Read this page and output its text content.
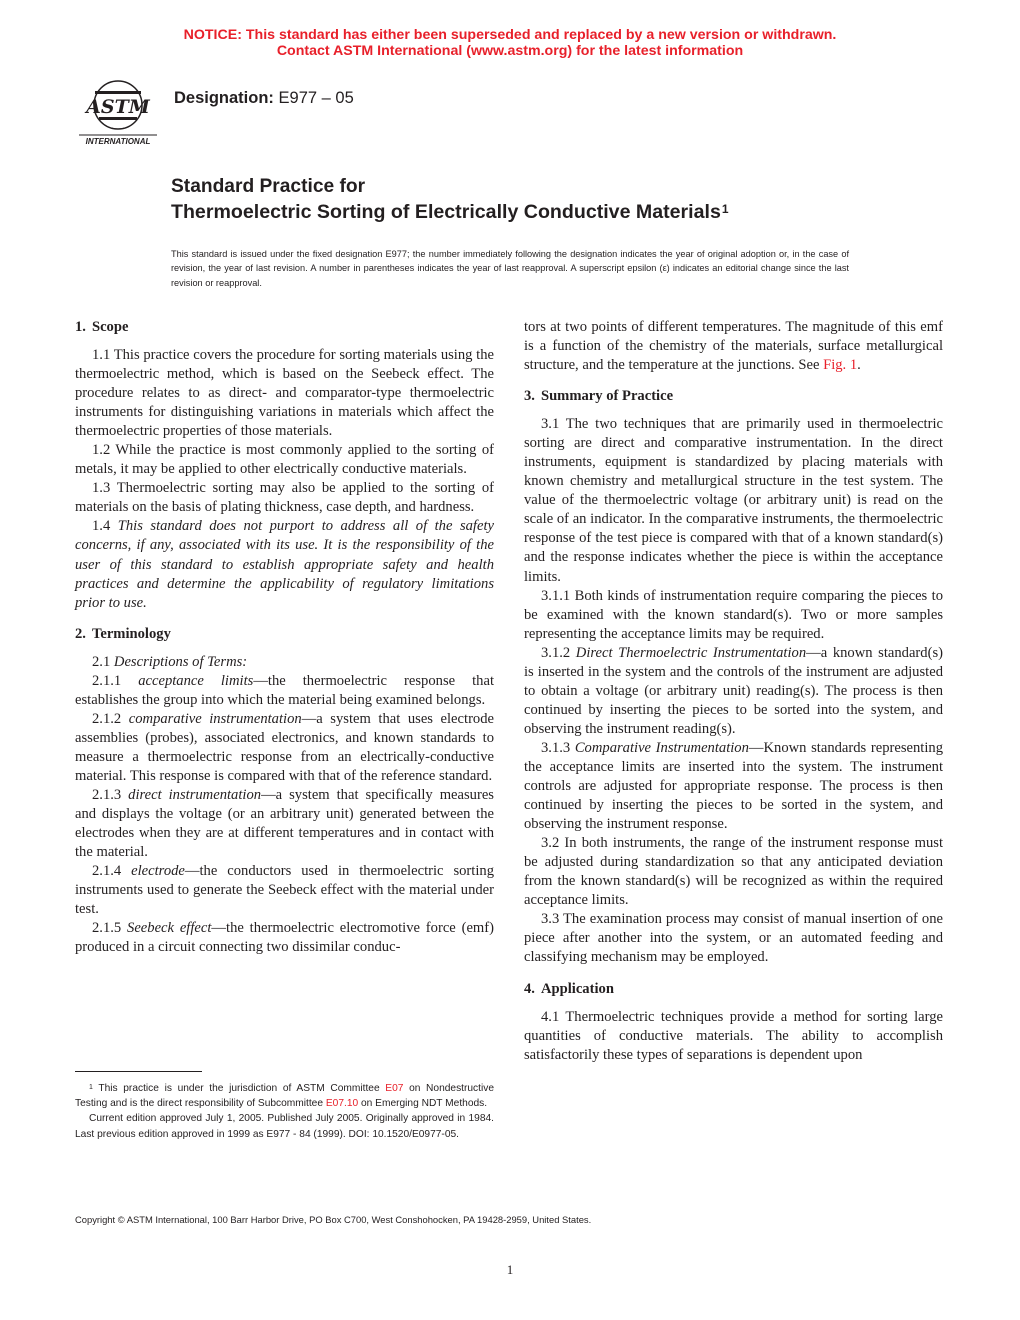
NOTICE: This standard has either been superseded and replaced by a new version or withdrawn.
Contact ASTM International (www.astm.org) for the latest information
ASTM
INTERNATIONAL
Designation: E977 – 05
Standard Practice for
Thermoelectric Sorting of Electrically Conductive Materials$^1$
This standard is issued under the fixed designation E977; the number immediately following the designation indicates the year of original adoption or, in the case of revision, the year of last revision. A number in parentheses indicates the year of last reapproval. A superscript epsilon (ε) indicates an editorial change since the last revision or reapproval.
1. Scope

1.1 This practice covers the procedure for sorting materials using the thermoelectric method, which is based on the Seebeck effect. The procedure relates to as direct- and comparator-type thermoelectric instruments for distinguishing variations in materials which affect the thermoelectric properties of those materials.

1.2 While the practice is most commonly applied to the sorting of metals, it may be applied to other electrically conductive materials.

1.3 Thermoelectric sorting may also be applied to the sorting of materials on the basis of plating thickness, case depth, and hardness.

1.4 This standard does not purport to address all of the safety concerns, if any, associated with its use. It is the responsibility of the user of this standard to establish appropriate safety and health practices and determine the applicability of regulatory limitations prior to use.

2. Terminology

2.1 Descriptions of Terms:

2.1.1 acceptance limits—the thermoelectric response that establishes the group into which the material being examined belongs.

2.1.2 comparative instrumentation—a system that uses electrode assemblies (probes), associated electronics, and known standards to measure a thermoelectric response from an electrically-conductive material. This response is compared with that of the reference standard.

2.1.3 direct instrumentation—a system that specifically measures and displays the voltage (or an arbitrary unit) generated between the electrodes when they are at different temperatures and in contact with the material.

2.1.4 electrode—the conductors used in thermoelectric sorting instruments used to generate the Seebeck effect with the material under test.

2.1.5 Seebeck effect—the thermoelectric electromotive force (emf) produced in a circuit connecting two dissimilar conduc-

$^1$ This practice is under the jurisdiction of ASTM Committee E07 on Nondestructive Testing and is the direct responsibility of Subcommittee E07.10 on Emerging NDT Methods.

Current edition approved July 1, 2005. Published July 2005. Originally approved in 1984. Last previous edition approved in 1999 as E977 - 84 (1999). DOI: 10.1520/E0977-05.

tors at two points of different temperatures. The magnitude of this emf is a function of the chemistry of the materials, surface metallurgical structure, and the temperature at the junctions. See Fig. 1.

3. Summary of Practice

3.1 The two techniques that are primarily used in thermoelectric sorting are direct and comparative instrumentation. In the direct instruments, equipment is standardized by placing materials with known chemistry and metallurgical structure in the test system. The value of the thermoelectric voltage (or arbitrary unit) is read on the scale of an indicator. In the comparative instruments, the thermoelectric response of the test piece is compared with that of a known standard(s) and the response indicates whether the piece is within the acceptance limits.

3.1.1 Both kinds of instrumentation require comparing the pieces to be examined with the known standard(s). Two or more samples representing the acceptance limits may be required.

3.1.2 Direct Thermoelectric Instrumentation—a known standard(s) is inserted in the system and the controls of the instrument are adjusted to obtain a voltage (or arbitrary unit) reading(s). The process is then continued by inserting the pieces to be sorted into the system, and observing the instrument reading(s).

3.1.3 Comparative Instrumentation—Known standards representing the acceptance limits are inserted into the system. The instrument controls are adjusted for appropriate response. The process is then continued by inserting the pieces to be sorted in the system, and observing the instrument response.

3.2 In both instruments, the range of the instrument response must be adjusted during standardization so that any anticipated deviation from the known standard(s) will be recognized as within the required acceptance limits.

3.3 The examination process may consist of manual insertion of one piece after another into the system, or an automated feeding and classifying mechanism may be employed.

4. Application

4.1 Thermoelectric techniques provide a method for sorting large quantities of conductive materials. The ability to accomplish satisfactorily these types of separations is dependent upon

Copyright © ASTM International, 100 Barr Harbor Drive, PO Box C700, West Conshohocken, PA 19428-2959, United States.
1
